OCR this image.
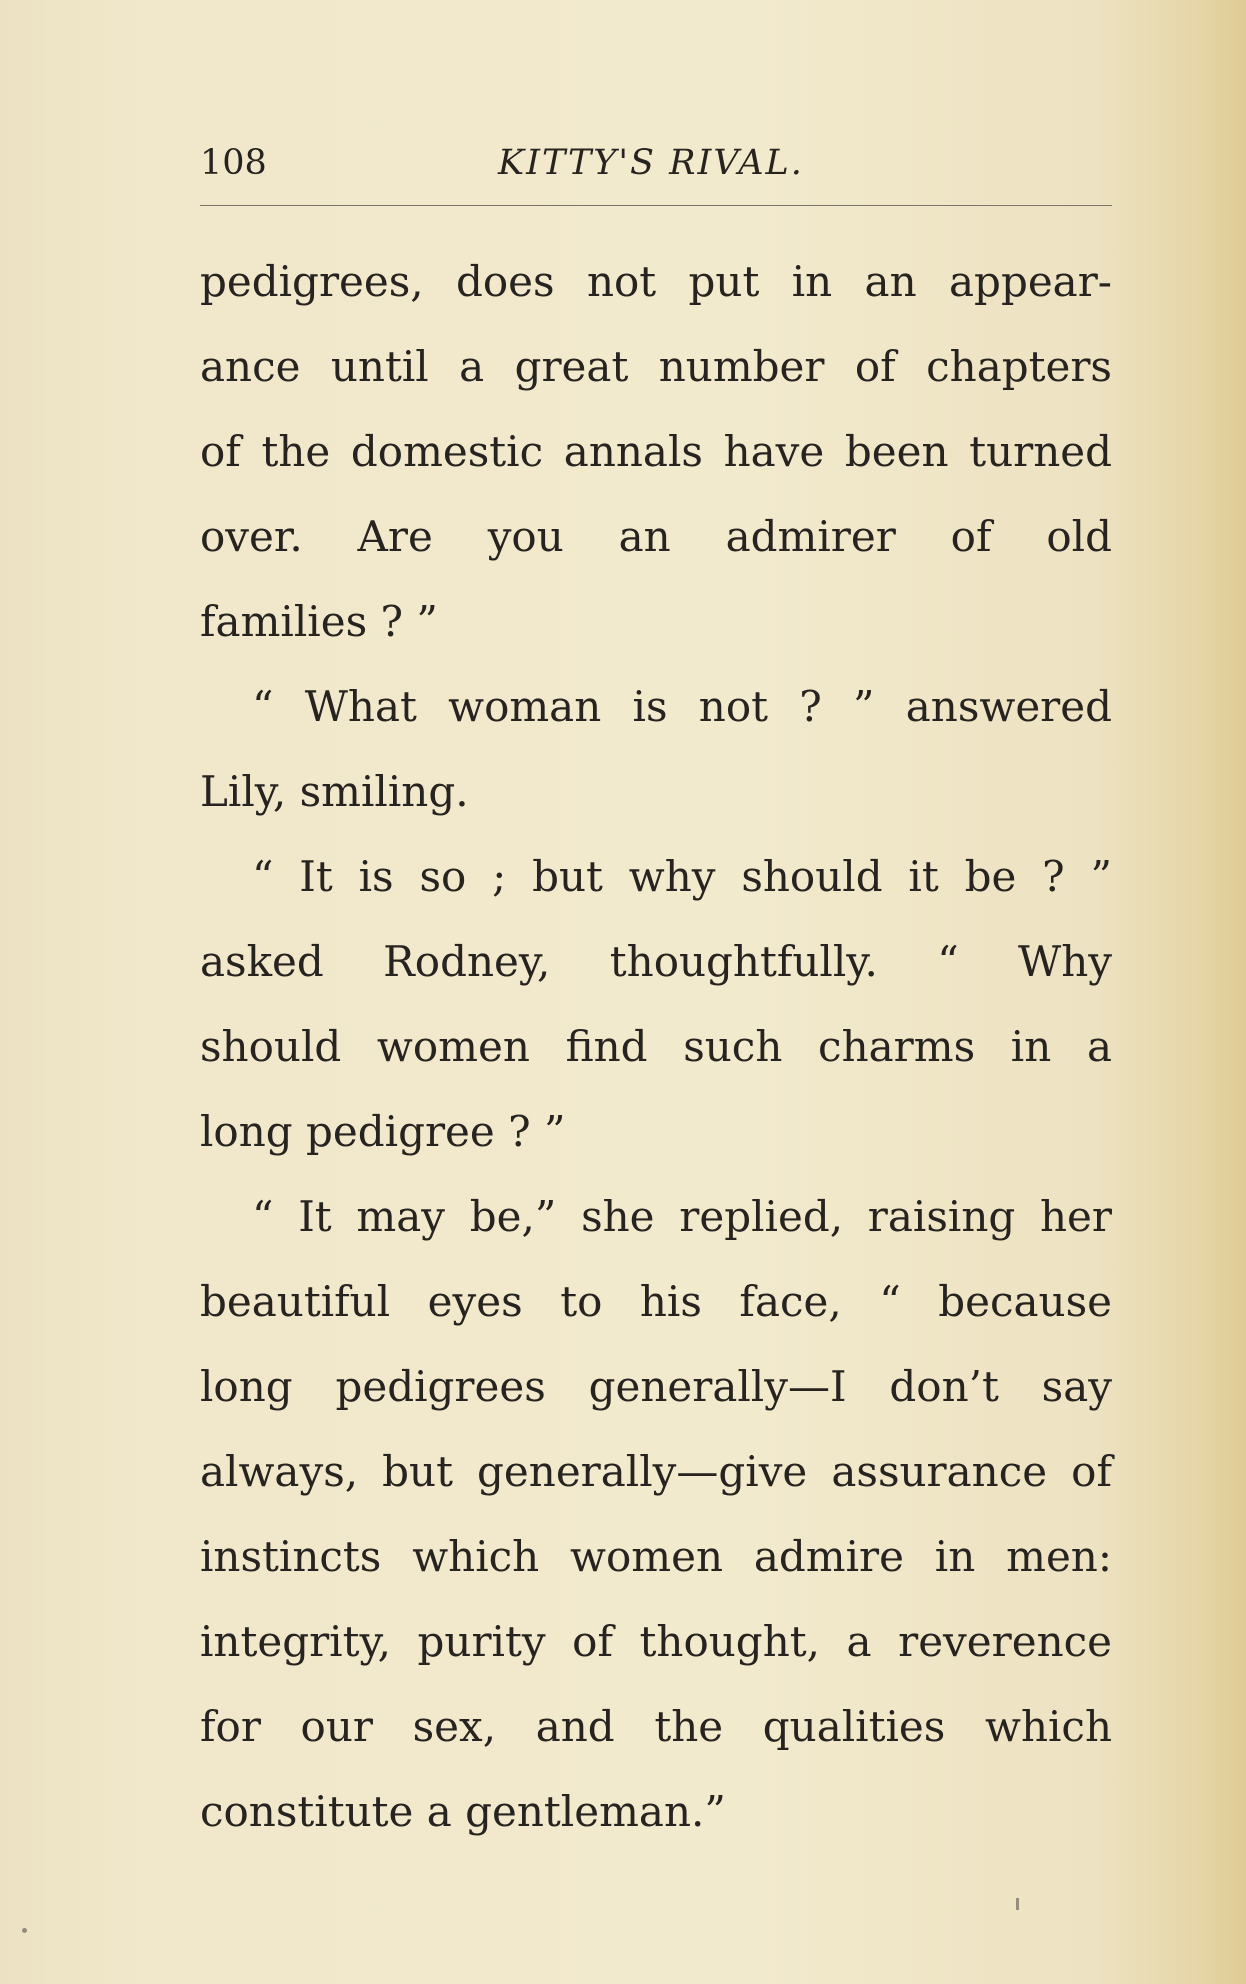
108	KITTY'S RIVAL.
pedigrees, does not put in an appear-
ance until a great number of chapters
of the domestic annals have been turned
over. Are you an admirer of old
families ? ”
“ What woman is not ? ” answered
Lily, smiling.
“ It is so ; but why should it be ? ”
asked Rodney, thoughtfully. “ Why
should women find such charms in a
long pedigree ? ”
“ It may be,” she replied, raising her
beautiful eyes to his face, “ because
long pedigrees generally—I don’t say
always, but generally—give assurance of
instincts which women admire in men:
integrity, purity of thought, a reverence
for our sex, and the qualities which
constitute a gentleman.”
